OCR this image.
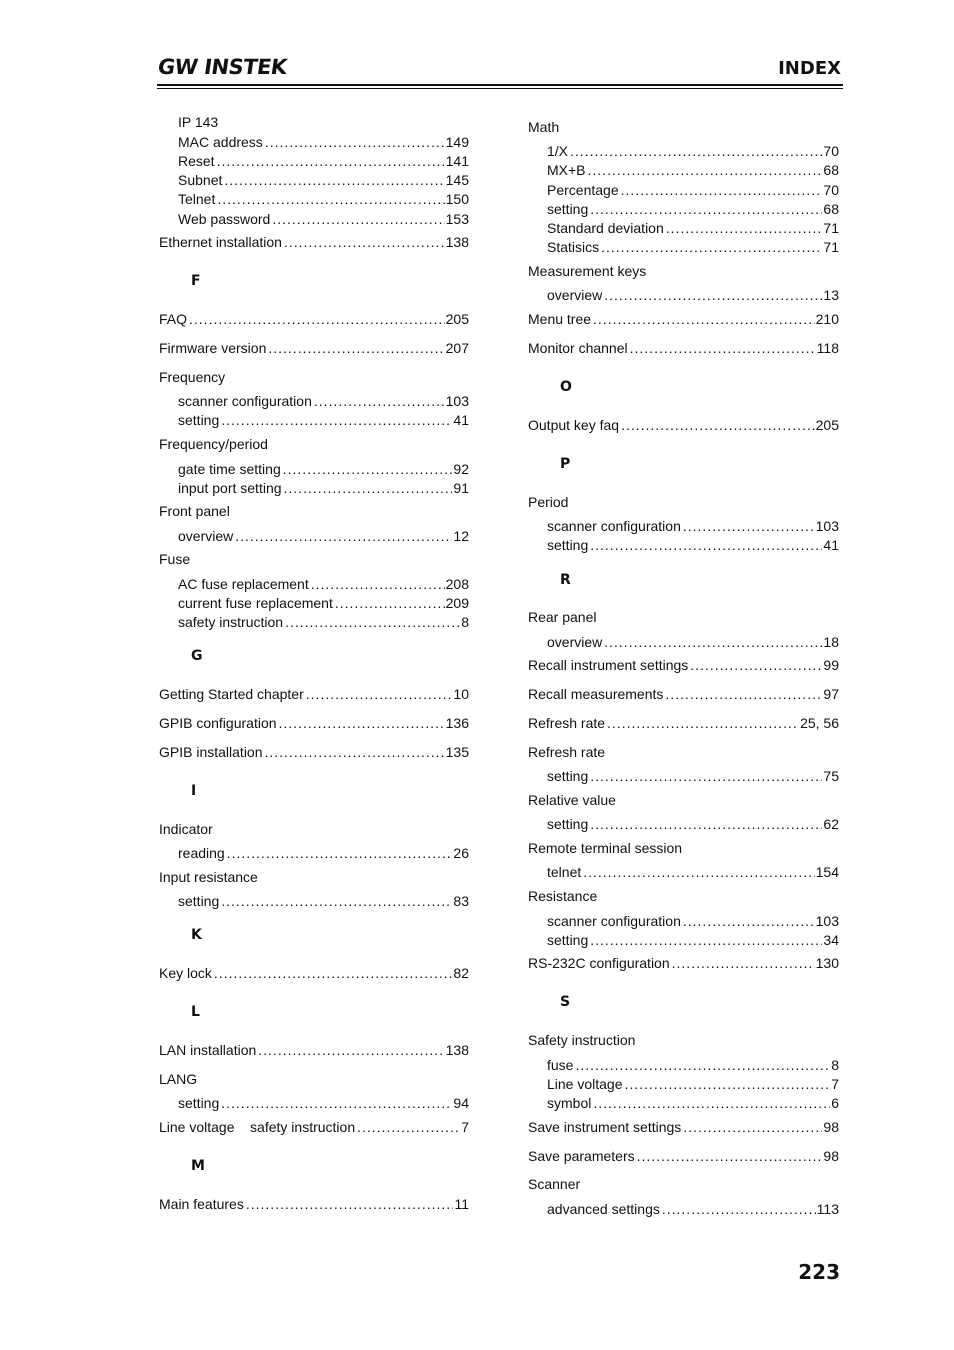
GW INSTEK	INDEX
IP 143
MAC address .....	149
Reset .....	141
Subnet .....	145
Telnet .....	150
Web password .....	153
Ethernet installation .....	138
F
FAQ .....	205
Firmware version .....	207
Frequency
scanner configuration .....	103
setting .....	41
Frequency/period
gate time setting .....	92
input port setting .....	91
Front panel
overview .....	12
Fuse
AC fuse replacement .....	208
current fuse replacement .....	209
safety instruction .....	8
G
Getting Started chapter .....	10
GPIB configuration .....	136
GPIB installation .....	135
I
Indicator
reading .....	26
Input resistance
setting .....	83
K
Key lock .....	82
L
LAN installation .....	138
LANG
setting .....	94
Line voltage    safety instruction .....	7
M
Main features .....	11
Math
1/X .....	70
MX+B .....	68
Percentage .....	70
setting .....	68
Standard deviation .....	71
Statisics .....	71
Measurement keys
overview .....	13
Menu tree .....	210
Monitor channel .....	118
O
Output key faq .....	205
P
Period
scanner configuration .....	103
setting .....	41
R
Rear panel
overview .....	18
Recall instrument settings .....	99
Recall measurements .....	97
Refresh rate .....	25, 56
Refresh rate
setting .....	75
Relative value
setting .....	62
Remote terminal session
telnet .....	154
Resistance
scanner configuration .....	103
setting .....	34
RS-232C configuration .....	130
S
Safety instruction
fuse .....	8
Line voltage .....	7
symbol .....	6
Save instrument settings .....	98
Save parameters .....	98
Scanner
advanced settings .....	113
223
